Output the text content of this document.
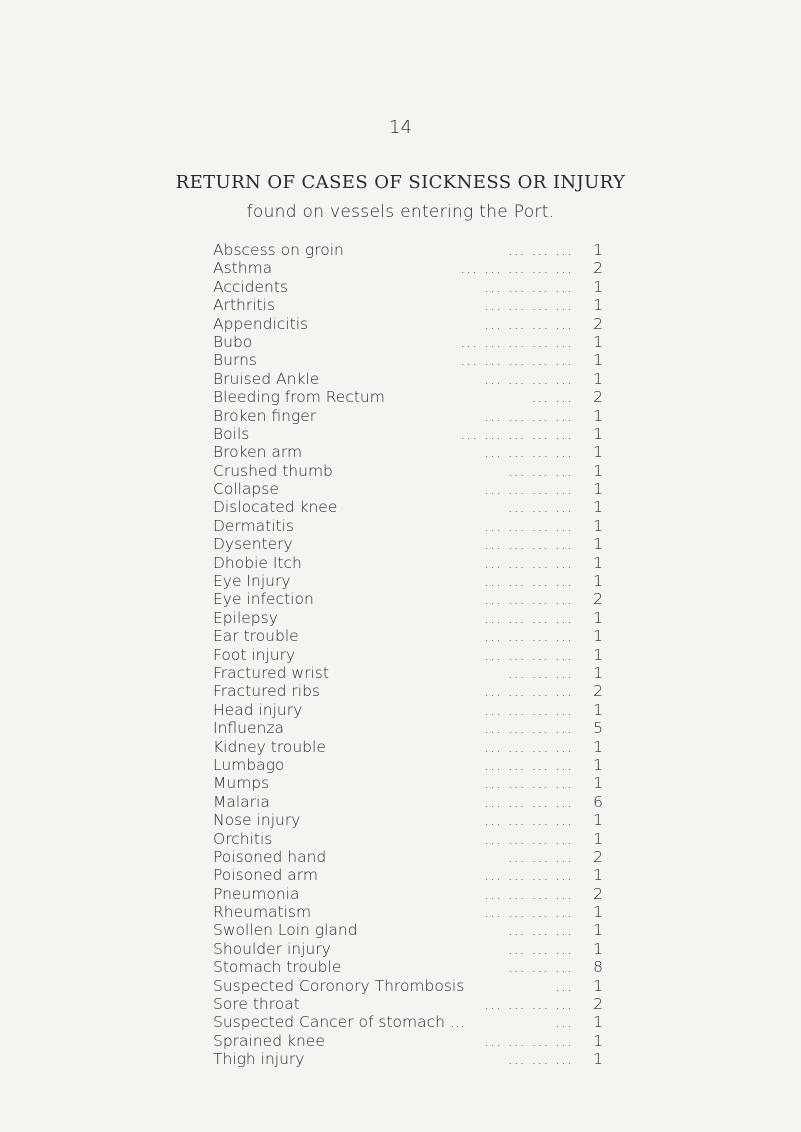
14
RETURN OF CASES OF SICKNESS OR INJURY
found on vessels entering the Port.
Abscess on groin	... ... ...	1
Asthma	... ... ... ... ...	2
Accidents	... ... ... ...	1
Arthritis	... ... ... ...	1
Appendicitis	... ... ... ...	2
Bubo	... ... ... ... ...	1
Burns	... ... ... ... ...	1
Bruised Ankle	... ... ... ...	1
Bleeding from Rectum	... ...	2
Broken finger	... ... ... ...	1
Boils	... ... ... ... ...	1
Broken arm	... ... ... ...	1
Crushed thumb	... ... ...	1
Collapse	... ... ... ...	1
Dislocated knee	... ... ...	1
Dermatitis	... ... ... ...	1
Dysentery	... ... ... ...	1
Dhobie Itch	... ... ... ...	1
Eye Injury	... ... ... ...	1
Eye infection	... ... ... ...	2
Epilepsy	... ... ... ...	1
Ear trouble	... ... ... ...	1
Foot injury	... ... ... ...	1
Fractured wrist	... ... ...	1
Fractured ribs	... ... ... ...	2
Head injury	... ... ... ...	1
Influenza	... ... ... ...	5
Kidney trouble	... ... ... ...	1
Lumbago	... ... ... ...	1
Mumps	... ... ... ...	1
Malaria	... ... ... ...	6
Nose injury	... ... ... ...	1
Orchitis	... ... ... ...	1
Poisoned hand	... ... ...	2
Poisoned arm	... ... ... ...	1
Pneumonia	... ... ... ...	2
Rheumatism	... ... ... ...	1
Swollen Loin gland	... ... ...	1
Shoulder injury	... ... ...	1
Stomach trouble	... ... ...	8
Suspected Coronory Thrombosis	...	1
Sore throat	... ... ... ...	2
Suspected Cancer of stomach ...	...	1
Sprained knee	... ... ... ...	1
Thigh injury	... ... ...	1
